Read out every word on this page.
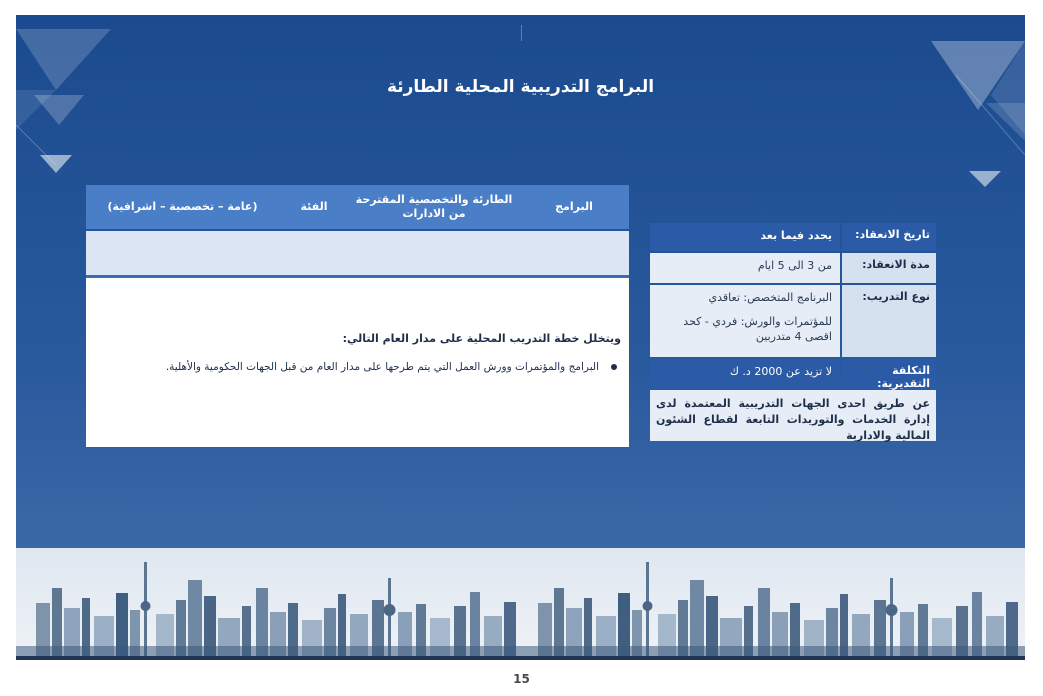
البرامج التدريبية المحلية الطارئة
البرامج
الطارئة والتخصصية المقترحة من الادارات
الفئة
(عامة – تخصصية – اشرافية)
ويتخلل خطة التدريب المحلية على مدار العام التالي:
البرامج والمؤتمرات وورش العمل التي يتم طرحها على مدار العام من قبل الجهات الحكومية والأهلية.
تاريخ الانعقاد:
يحدد فيما بعد
مدة الانعقاد:
من 3 الى 5 ايام
نوع التدريب:
البرنامج المتخصص: تعاقدي
للمؤتمرات والورش: فردي - كحد اقصى 4 متدربين
التكلفة التقديرية:
لا تزيد عن 2000 د. ك
عن طريق احدى الجهات التدريبية المعتمدة لدى إدارة الخدمات والتوريدات التابعة لقطاع الشئون المالية والادارية
15
